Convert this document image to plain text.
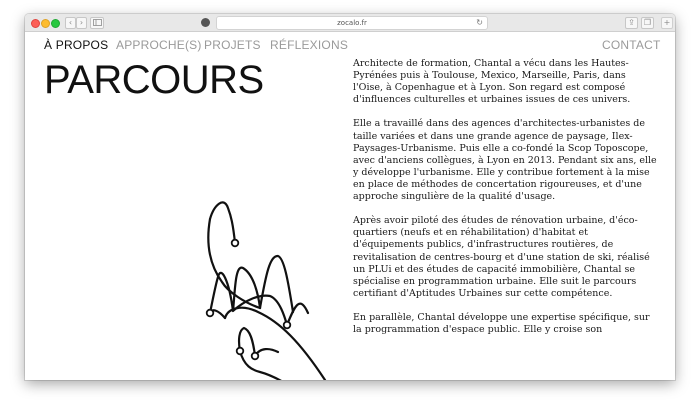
‹ ›	zocalo.fr	↻	⇪	❐	+
À PROPOS APPROCHE(S) PROJETS RÉFLEXIONS	CONTACT
PARCOURS	Architecte de formation, Chantal a vécu dans les Hautes-Pyrénées puis à Toulouse, Mexico, Marseille, Paris, dans l'Oise, à Copenhague et à Lyon. Son regard est composé d'influences culturelles et urbaines issues de ces univers.

Elle a travaillé dans des agences d'architectes-urbanistes de taille variées et dans une grande agence de paysage, Ilex-Paysages-Urbanisme. Puis elle a co-fondé la Scop Toposcope, avec d'anciens collègues, à Lyon en 2013. Pendant six ans, elle y développe l'urbanisme. Elle y contribue fortement à la mise en place de méthodes de concertation rigoureuses, et d'une approche singulière de la qualité d'usage.

Après avoir piloté des études de rénovation urbaine, d'éco-quartiers (neufs et en réhabilitation) d'habitat et d'équipements publics, d'infrastructures routières, de revitalisation de centres-bourg et d'une station de ski, réalisé un PLUi et des études de capacité immobilière, Chantal se spécialise en programmation urbaine. Elle suit le parcours certifiant d'Aptitudes Urbaines sur cette compétence.

En parallèle, Chantal développe une expertise spécifique, sur la programmation d'espace public. Elle y croise son
